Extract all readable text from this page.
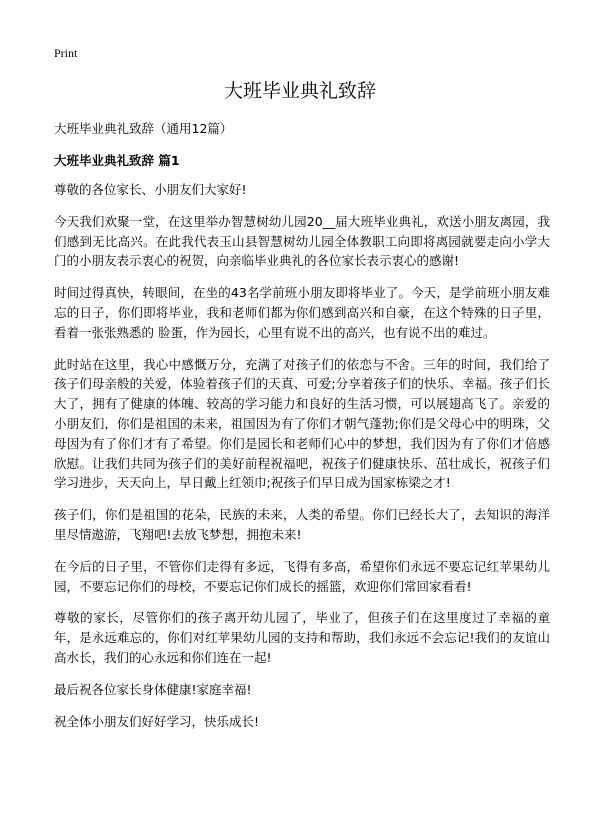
Print
大班毕业典礼致辞

大班毕业典礼致辞（通用12篇）

大班毕业典礼致辞 篇1

尊敬的各位家长、小朋友们大家好!

今天我们欢聚一堂，在这里举办智慧树幼儿园20__届大班毕业典礼，欢送小朋友离园，我们感到无比高兴。在此我代表玉山县智慧树幼儿园全体教职工向即将离园就要走向小学大门的小朋友表示衷心的祝贺，向亲临毕业典礼的各位家长表示衷心的感谢!

时间过得真快，转眼间，在坐的43名学前班小朋友即将毕业了。今天，是学前班小朋友难忘的日子，你们即将毕业，我和老师们都为你们感到高兴和自豪，在这个特殊的日子里，看着一张张熟悉的 脸蛋，作为园长，心里有说不出的高兴，也有说不出的难过。

此时站在这里，我心中感慨万分，充满了对孩子们的依恋与不舍。三年的时间，我们给了孩子们母亲般的关爱，体验着孩子们的天真、可爱;分享着孩子们的快乐、幸福。孩子们长大了，拥有了健康的体魄、较高的学习能力和良好的生活习惯，可以展翅高飞了。亲爱的小朋友们，你们是祖国的未来，祖国因为有了你们才朝气蓬勃;你们是父母心中的明珠，父母因为有了你们才有了希望。你们是园长和老师们心中的梦想，我们因为有了你们才倍感欣慰。让我们共同为孩子们的美好前程祝福吧，祝孩子们健康快乐、茁壮成长，祝孩子们学习进步，天天向上，早日戴上红领巾;祝孩子们早日成为国家栋梁之才!

孩子们，你们是祖国的花朵，民族的未来，人类的希望。你们已经长大了，去知识的海洋里尽情遨游，飞翔吧!去放飞梦想，拥抱未来!

在今后的日子里，不管你们走得有多远，飞得有多高，希望你们永远不要忘记红苹果幼儿园，不要忘记你们的母校，不要忘记你们成长的摇篮，欢迎你们常回家看看!

尊敬的家长，尽管你们的孩子离开幼儿园了，毕业了，但孩子们在这里度过了幸福的童年，是永远难忘的，你们对红苹果幼儿园的支持和帮助，我们永远不会忘记!我们的友谊山高水长，我们的心永远和你们连在一起!

最后祝各位家长身体健康!家庭幸福!

祝全体小朋友们好好学习，快乐成长!
